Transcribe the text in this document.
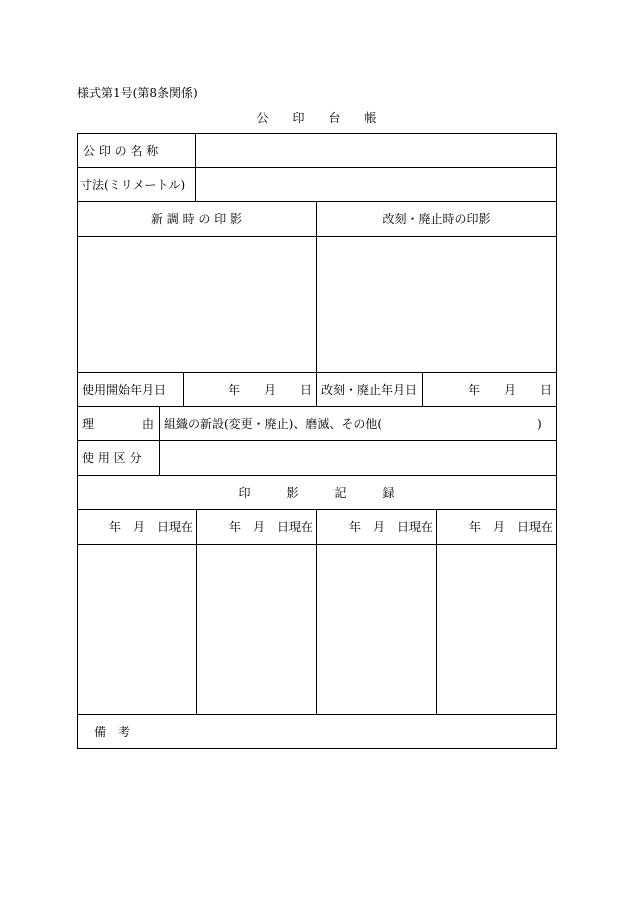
様式第1号(第8条関係)
公　　印　　台　　帳
公 印 の 名 称
寸法(ミリメートル)
新 調 時 の 印 影	改刻・廃止時の印影
使用開始年月日	年　　月　　日 改刻・廃止年月日	年　　月　　日
理　　　　由 組織の新設(変更・廃止)、磨滅、その他(	)
使 用 区 分
印　　　影　　　記　　　録
年　月　日現在	年　月　日現在	年　月　日現在	年　月　日現在
備　考
